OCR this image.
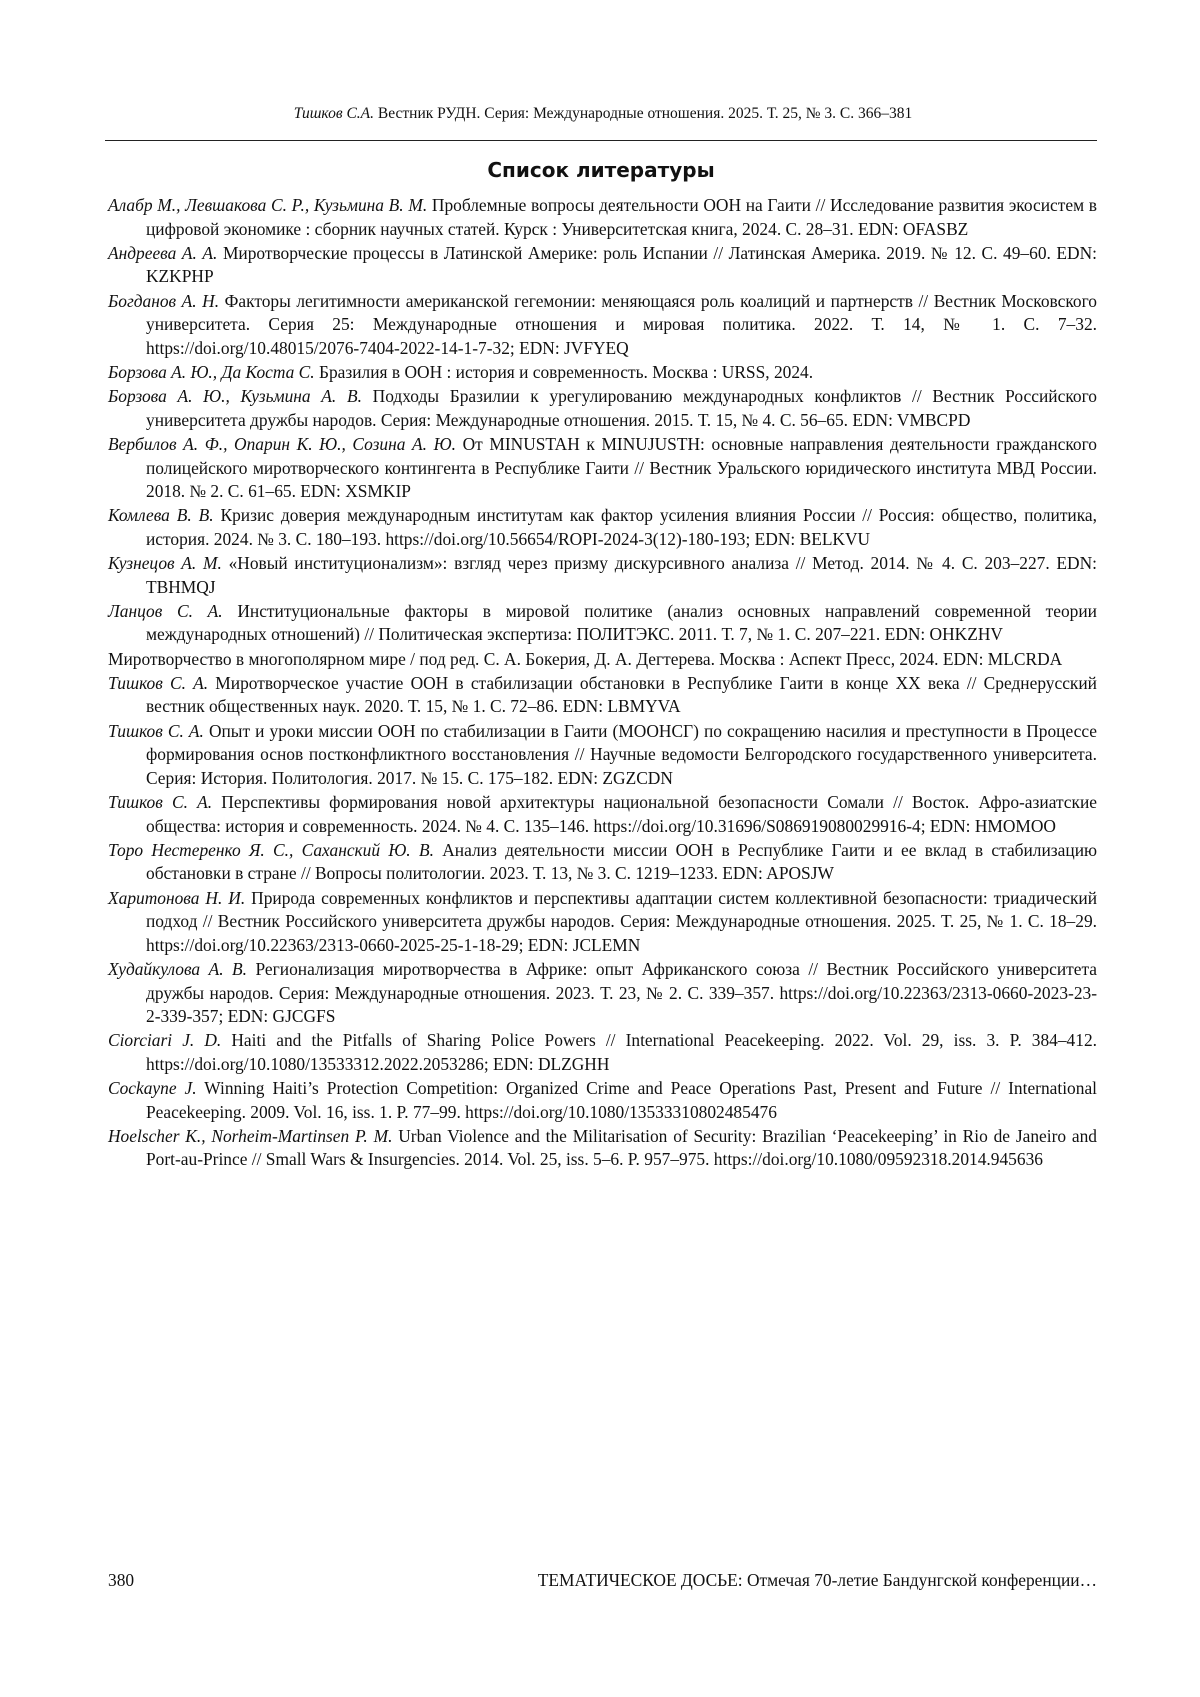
Тишков С.А. Вестник РУДН. Серия: Международные отношения. 2025. Т. 25, № 3. С. 366–381
Список литературы

Алабр М., Левшакова С. Р., Кузьмина В. М. Проблемные вопросы деятельности ООН на Гаити // Исследование развития экосистем в цифровой экономике : сборник научных статей. Курск : Университетская книга, 2024. С. 28–31. EDN: OFASBZ

Андреева А. А. Миротворческие процессы в Латинской Америке: роль Испании // Латинская Америка. 2019. № 12. С. 49–60. EDN: KZKPHP

Богданов А. Н. Факторы легитимности американской гегемонии: меняющаяся роль коалиций и партнерств // Вестник Московского университета. Серия 25: Международные отношения и мировая политика. 2022. Т. 14, № 1. С. 7–32. https://doi.org/10.48015/2076-7404-2022-14-1-7-32; EDN: JVFYEQ

Борзова А. Ю., Да Коста С. Бразилия в ООН : история и современность. Москва : URSS, 2024.

Борзова А. Ю., Кузьмина А. В. Подходы Бразилии к урегулированию международных конфликтов // Вестник Российского университета дружбы народов. Серия: Международные отношения. 2015. Т. 15, № 4. С. 56–65. EDN: VMBCPD

Вербилов А. Ф., Опарин К. Ю., Созина А. Ю. От MINUSTAH к MINUJUSTH: основные направления деятельности гражданского полицейского миротворческого контингента в Республике Гаити // Вестник Уральского юридического института МВД России. 2018. № 2. С. 61–65. EDN: XSMKIP

Комлева В. В. Кризис доверия международным институтам как фактор усиления влияния России // Россия: общество, политика, история. 2024. № 3. С. 180–193. https://doi.org/10.56654/ROPI-2024-3(12)-180-193; EDN: BELKVU

Кузнецов А. М. «Новый институционализм»: взгляд через призму дискурсивного анализа // Метод. 2014. № 4. С. 203–227. EDN: TBHMQJ

Ланцов С. А. Институциональные факторы в мировой политике (анализ основных направлений современной теории международных отношений) // Политическая экспертиза: ПОЛИТЭКС. 2011. Т. 7, № 1. С. 207–221. EDN: OHKZHV

Миротворчество в многополярном мире / под ред. С. А. Бокерия, Д. А. Дегтерева. Москва : Аспект Пресс, 2024. EDN: MLCRDA

Тишков С. А. Миротворческое участие ООН в стабилизации обстановки в Республике Гаити в конце XX века // Среднерусский вестник общественных наук. 2020. Т. 15, № 1. С. 72–86. EDN: LBMYVA

Тишков С. А. Опыт и уроки миссии ООН по стабилизации в Гаити (МООНСГ) по сокращению насилия и преступности в Процессе формирования основ постконфликтного восстановления // Научные ведомости Белгородского государственного университета. Серия: История. Политология. 2017. № 15. С. 175–182. EDN: ZGZCDN

Тишков С. А. Перспективы формирования новой архитектуры национальной безопасности Сомали // Восток. Афро-азиатские общества: история и современность. 2024. № 4. С. 135–146. https://doi.org/10.31696/S086919080029916-4; EDN: HMOMOO

Торо Нестеренко Я. С., Саханский Ю. В. Анализ деятельности миссии ООН в Республике Гаити и ее вклад в стабилизацию обстановки в стране // Вопросы политологии. 2023. Т. 13, № 3. С. 1219–1233. EDN: APOSJW

Харитонова Н. И. Природа современных конфликтов и перспективы адаптации систем коллективной безопасности: триадический подход // Вестник Российского университета дружбы народов. Серия: Международные отношения. 2025. Т. 25, № 1. С. 18–29. https://doi.org/10.22363/2313-0660-2025-25-1-18-29; EDN: JCLEMN

Худайкулова А. В. Регионализация миротворчества в Африке: опыт Африканского союза // Вестник Российского университета дружбы народов. Серия: Международные отношения. 2023. Т. 23, № 2. С. 339–357. https://doi.org/10.22363/2313-0660-2023-23-2-339-357; EDN: GJCGFS

Ciorciari J. D. Haiti and the Pitfalls of Sharing Police Powers // International Peacekeeping. 2022. Vol. 29, iss. 3. P. 384–412. https://doi.org/10.1080/13533312.2022.2053286; EDN: DLZGHH

Cockayne J. Winning Haiti’s Protection Competition: Organized Crime and Peace Operations Past, Present and Future // International Peacekeeping. 2009. Vol. 16, iss. 1. P. 77–99. https://doi.org/10.1080/13533310802485476

Hoelscher K., Norheim-Martinsen P. M. Urban Violence and the Militarisation of Security: Brazilian ‘Peacekeeping’ in Rio de Janeiro and Port-au-Prince // Small Wars & Insurgencies. 2014. Vol. 25, iss. 5–6. P. 957–975. https://doi.org/10.1080/09592318.2014.945636

380	ТЕМАТИЧЕСКОЕ ДОСЬЕ: Отмечая 70-летие Бандунгской конференции…
